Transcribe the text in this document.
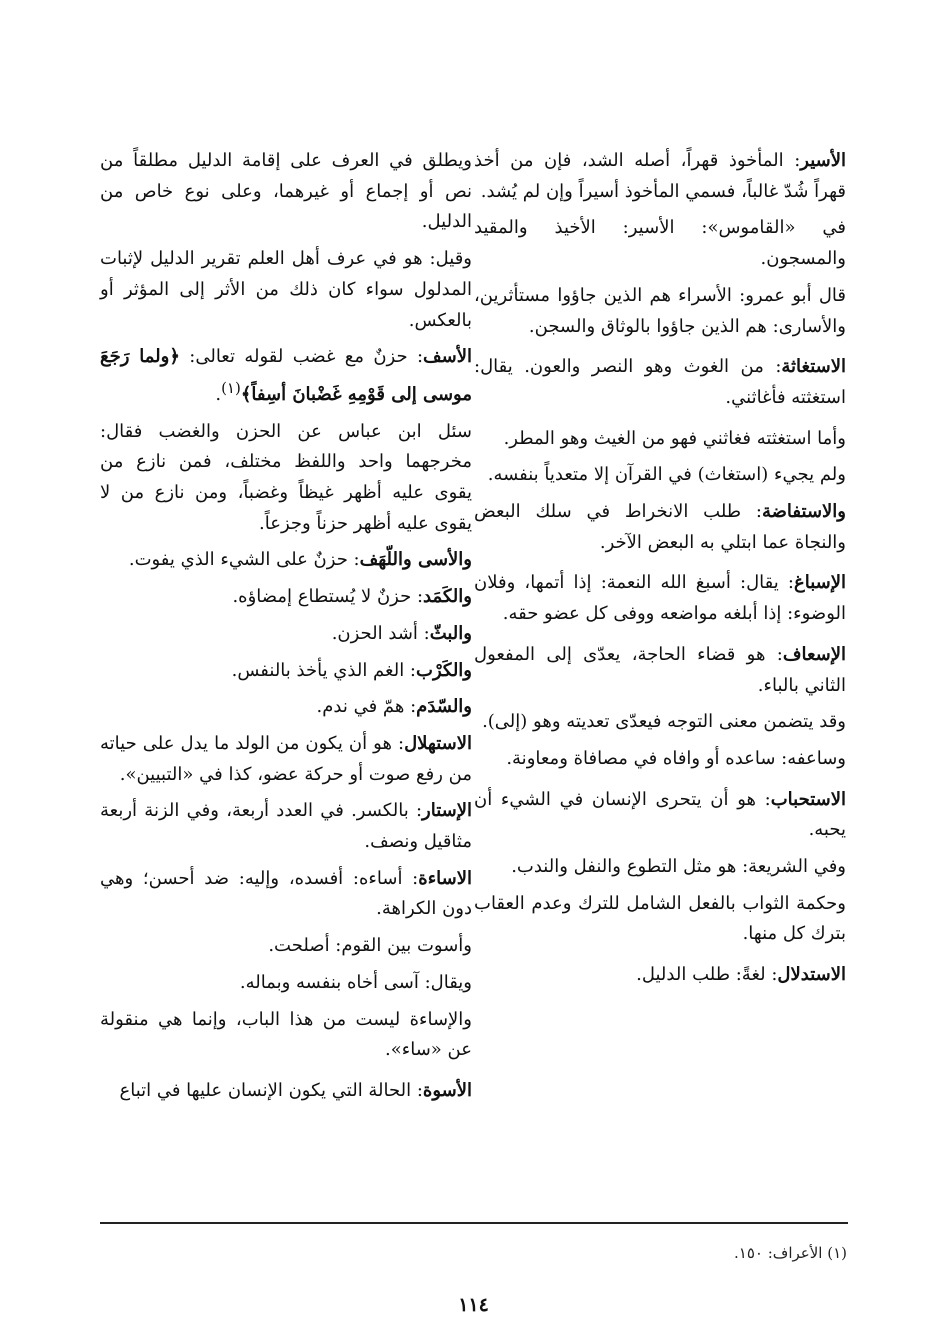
الأسير: المأخوذ قهراً، أصله الشد، فإن من أخذ قهراً شُدّ غالباً، فسمي المأخوذ أسيراً وإن لم يُشد.

في «القاموس»: الأسير: الأخيذ والمقيد والمسجون.

قال أبو عمرو: الأسراء هم الذين جاؤوا مستأثرين، والأسارى: هم الذين جاؤوا بالوثاق والسجن.

الاستغاثة: من الغوث وهو النصر والعون. يقال: استغثته فأغاثني.

وأما استغثته فغاثني فهو من الغيث وهو المطر.

ولم يجيء (استغاث) في القرآن إلا متعدياً بنفسه.

والاستفاضة: طلب الانخراط في سلك البعض والنجاة عما ابتلي به البعض الآخر.

الإسباغ: يقال: أسبغ الله النعمة: إذا أتمها، وفلان الوضوء: إذا أبلغه مواضعه ووفى كل عضو حقه.

الإسعاف: هو قضاء الحاجة، يعدّى إلى المفعول الثاني بالباء.

وقد يتضمن معنى التوجه فيعدّى تعديته وهو (إلى).

وساعفه: ساعده أو وافاه في مصافاة ومعاونة.

الاستحباب: هو أن يتحرى الإنسان في الشيء أن يحبه.

وفي الشريعة: هو مثل التطوع والنفل والندب.

وحكمة الثواب بالفعل الشامل للترك وعدم العقاب بترك كل منها.

الاستدلال: لغةً: طلب الدليل.

ويطلق في العرف على إقامة الدليل مطلقاً من نص أو إجماع أو غيرهما، وعلى نوع خاص من الدليل.

وقيل: هو في عرف أهل العلم تقرير الدليل لإثبات المدلول سواء كان ذلك من الأثر إلى المؤثر أو بالعكس.

الأسف: حزنٌ مع غضب لقوله تعالى: ﴿ولما رَجَعَ موسى إلى قَوْمِهِ غَضْبانَ أسِفاً﴾$^{(١)}$.

سئل ابن عباس عن الحزن والغضب فقال: مخرجهما واحد واللفظ مختلف، فمن نازع من يقوى عليه أظهر غيظاً وغضباً، ومن نازع من لا يقوى عليه أظهر حزناً وجزعاً.

والأسى واللّهَف: حزنٌ على الشيء الذي يفوت.

والكَمَد: حزنٌ لا يُستطاع إمضاؤه.

والبثّ: أشد الحزن.

والكَرْب: الغم الذي يأخذ بالنفس.

والسّدَم: همّ في ندم.

الاستهلال: هو أن يكون من الولد ما يدل على حياته من رفع صوت أو حركة عضو، كذا في «التبيين».

الإستار: بالكسر. في العدد أربعة، وفي الزنة أربعة مثاقيل ونصف.

الاساءة: أساءه: أفسده، وإليه: ضد أحسن؛ وهي دون الكراهة.

وأسوت بين القوم: أصلحت.

ويقال: آسى أخاه بنفسه وبماله.

والإساءة ليست من هذا الباب، وإنما هي منقولة عن «ساء».

الأسوة: الحالة التي يكون الإنسان عليها في اتباع

(١) الأعراف: ١٥٠.
١١٤
